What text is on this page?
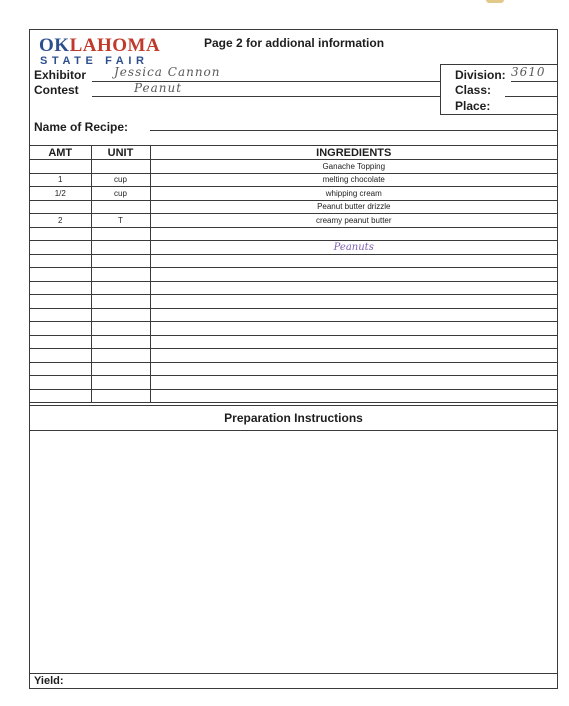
OKLAHOMA
STATE FAIR
Page 2 for addional information
Exhibitor Jessica Cannon
Contest	Peanut
Division: 3610
Class:
Place:
Name of Recipe:
AMT	UNIT	INGREDIENTS
		Ganache Topping
1	cup	melting chocolate
1/2	cup	whipping cream
		Peanut butter drizzle
2	T	creamy peanut butter

		Peanuts

Preparation Instructions
Yield:
